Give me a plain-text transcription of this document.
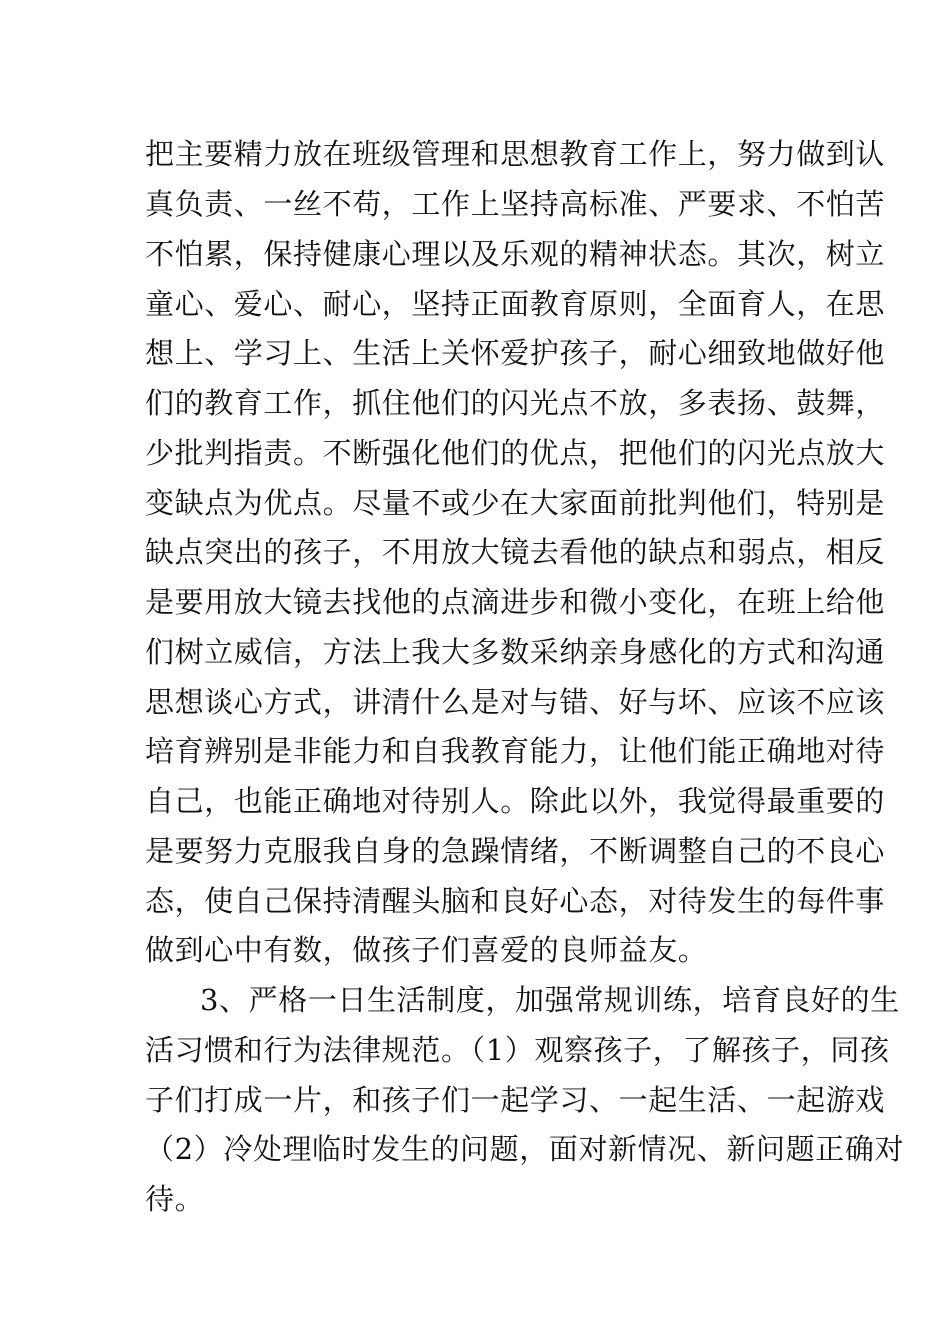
把主要精力放在班级管理和思想教育工作上，努力做到认
真负责、一丝不苟，工作上坚持高标准、严要求、不怕苦
不怕累，保持健康心理以及乐观的精神状态。其次，树立
童心、爱心、耐心，坚持正面教育原则，全面育人，在思
想上、学习上、生活上关怀爱护孩子，耐心细致地做好他
们的教育工作，抓住他们的闪光点不放，多表扬、鼓舞，
少批判指责。不断强化他们的优点，把他们的闪光点放大
变缺点为优点。尽量不或少在大家面前批判他们，特别是
缺点突出的孩子，不用放大镜去看他的缺点和弱点，相反
是要用放大镜去找他的点滴进步和微小变化，在班上给他
们树立威信，方法上我大多数采纳亲身感化的方式和沟通
思想谈心方式，讲清什么是对与错、好与坏、应该不应该
培育辨别是非能力和自我教育能力，让他们能正确地对待
自己，也能正确地对待别人。除此以外，我觉得最重要的
是要努力克服我自身的急躁情绪，不断调整自己的不良心
态，使自己保持清醒头脑和良好心态，对待发生的每件事
做到心中有数，做孩子们喜爱的良师益友。
3、严格一日生活制度，加强常规训练，培育良好的生
活习惯和行为法律规范。（1）观察孩子，了解孩子，同孩
子们打成一片，和孩子们一起学习、一起生活、一起游戏
（2）冷处理临时发生的问题，面对新情况、新问题正确对
待。
